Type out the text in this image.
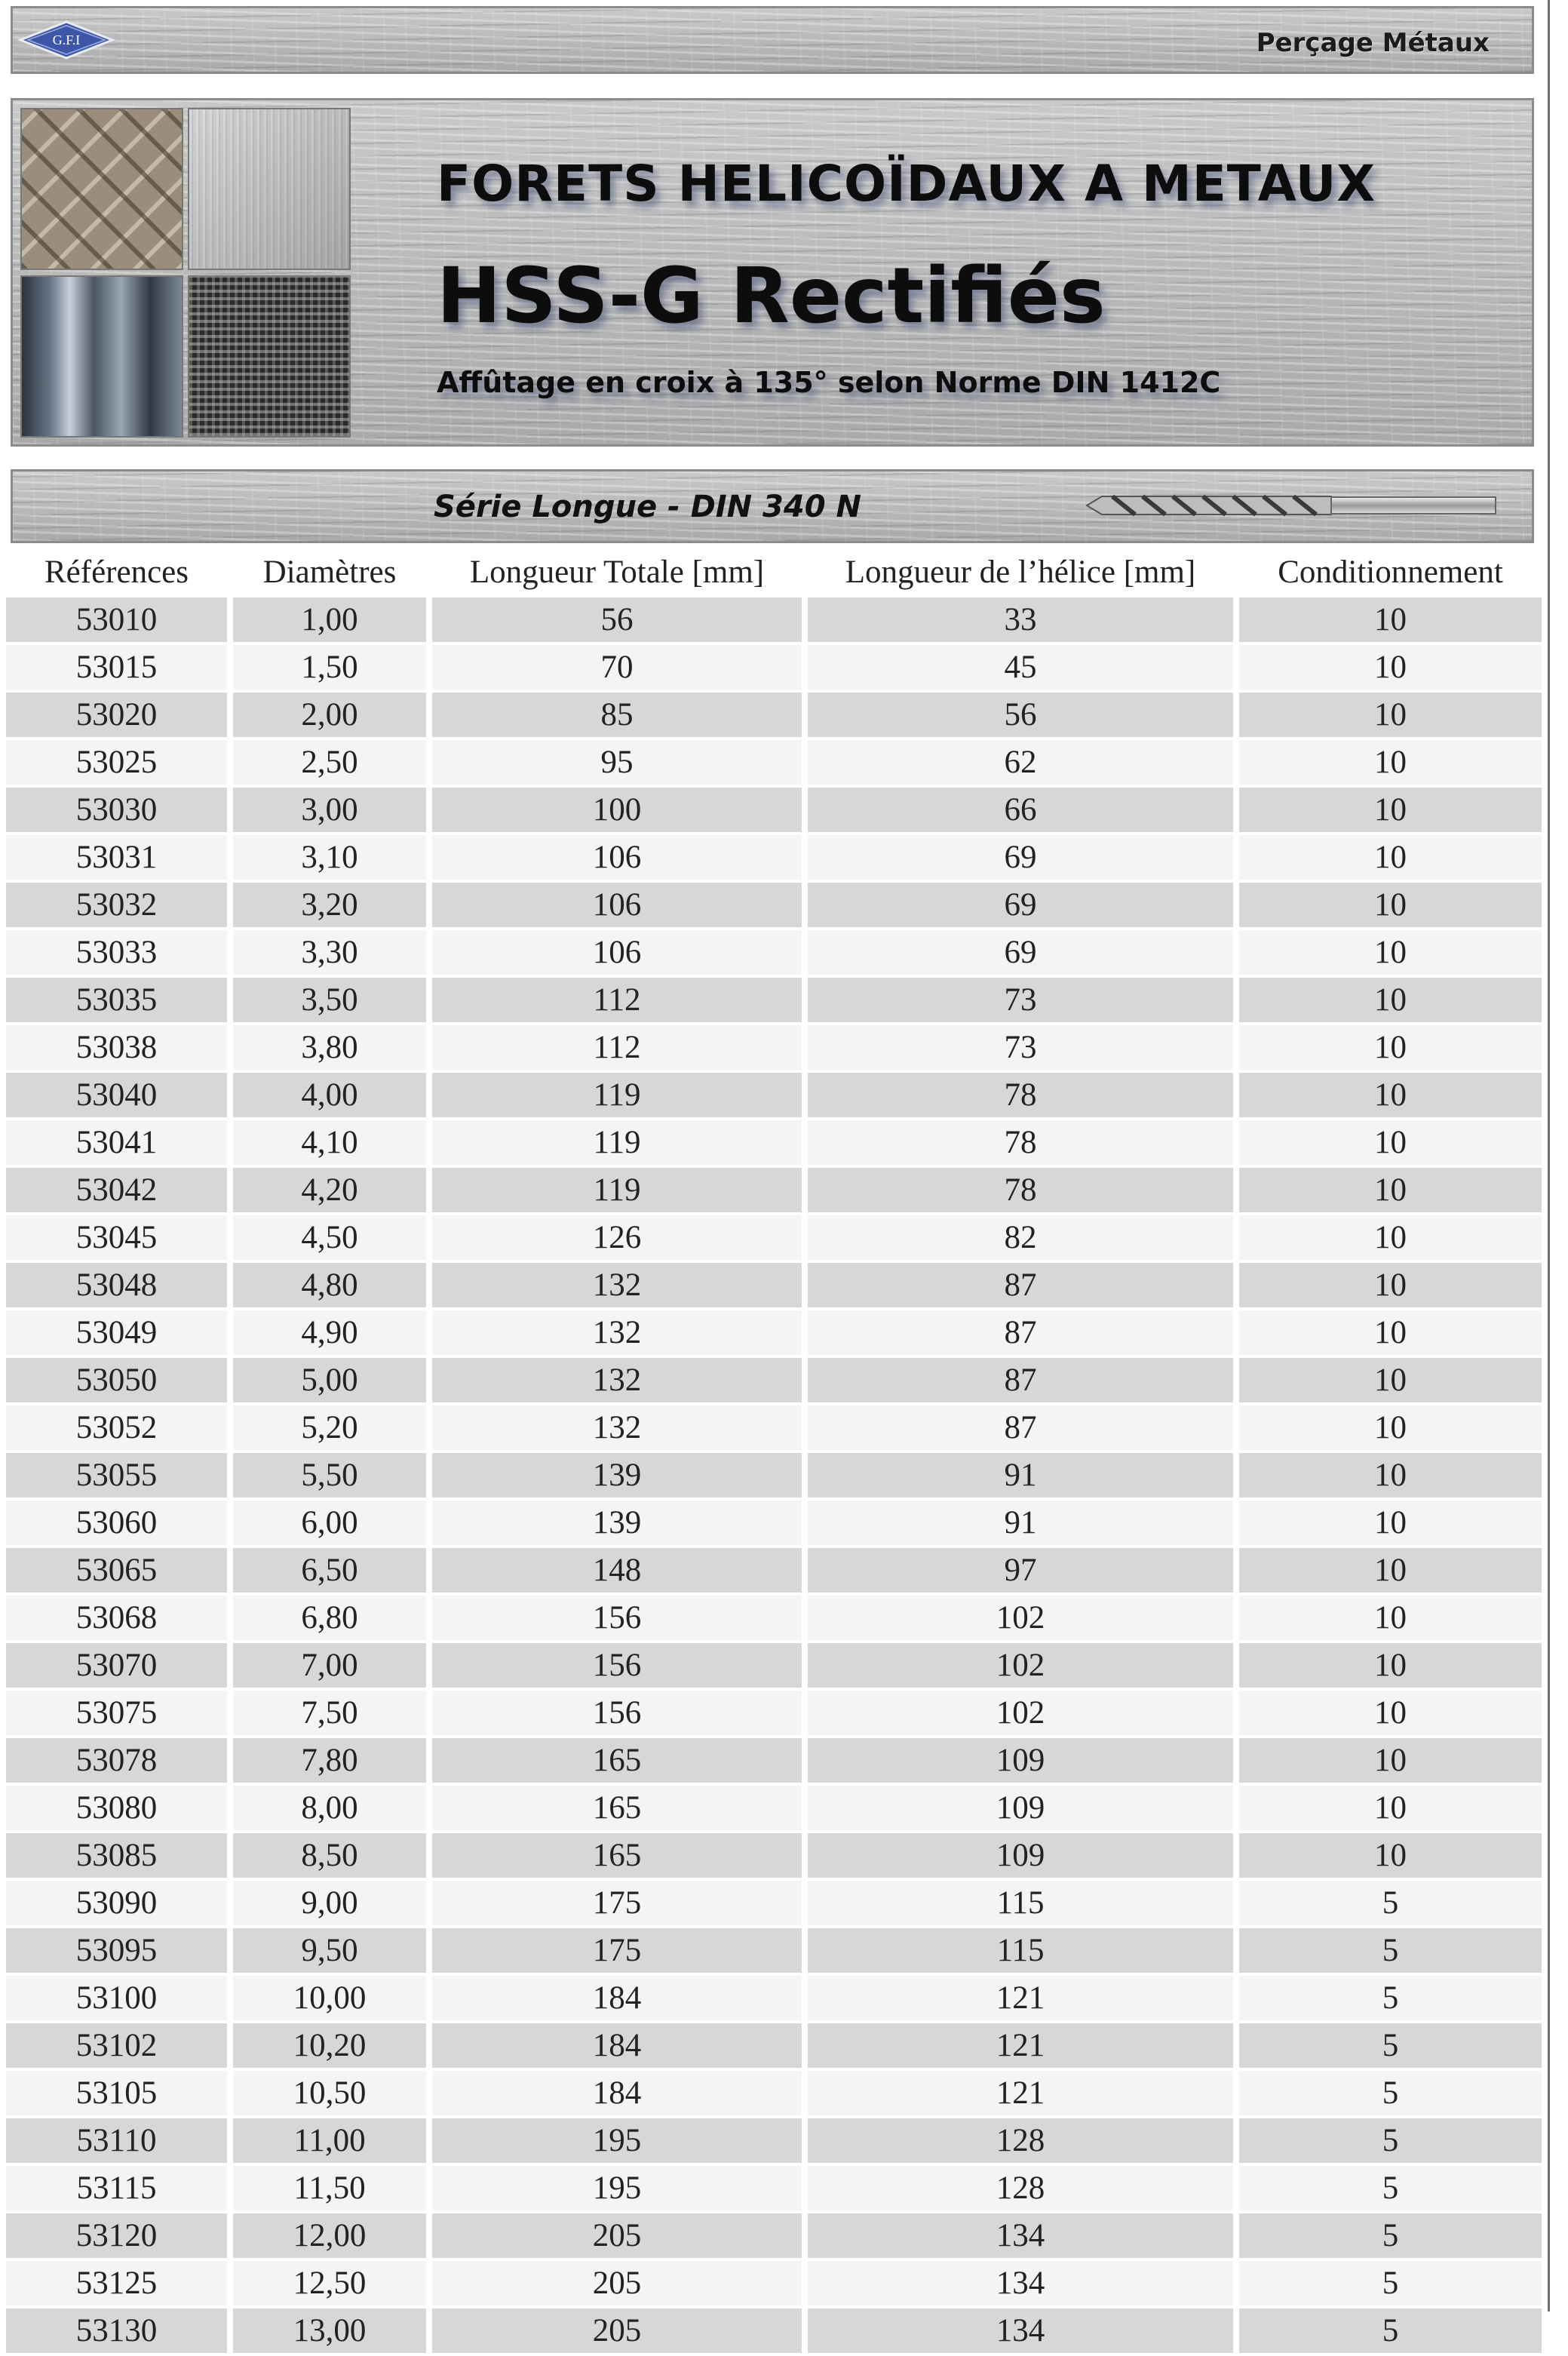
G.F.I	Perçage Métaux
FORETS HELICOÏDAUX A METAUX
HSS-G Rectifiés
Affûtage en croix à 135° selon Norme DIN 1412C
Série Longue - DIN 340 N
Références	Diamètres	Longueur Totale [mm]	Longueur de l’hélice [mm]	Conditionnement
53010	1,00	56	33	10
53015	1,50	70	45	10
53020	2,00	85	56	10
53025	2,50	95	62	10
53030	3,00	100	66	10
53031	3,10	106	69	10
53032	3,20	106	69	10
53033	3,30	106	69	10
53035	3,50	112	73	10
53038	3,80	112	73	10
53040	4,00	119	78	10
53041	4,10	119	78	10
53042	4,20	119	78	10
53045	4,50	126	82	10
53048	4,80	132	87	10
53049	4,90	132	87	10
53050	5,00	132	87	10
53052	5,20	132	87	10
53055	5,50	139	91	10
53060	6,00	139	91	10
53065	6,50	148	97	10
53068	6,80	156	102	10
53070	7,00	156	102	10
53075	7,50	156	102	10
53078	7,80	165	109	10
53080	8,00	165	109	10
53085	8,50	165	109	10
53090	9,00	175	115	5
53095	9,50	175	115	5
53100	10,00	184	121	5
53102	10,20	184	121	5
53105	10,50	184	121	5
53110	11,00	195	128	5
53115	11,50	195	128	5
53120	12,00	205	134	5
53125	12,50	205	134	5
53130	13,00	205	134	5
